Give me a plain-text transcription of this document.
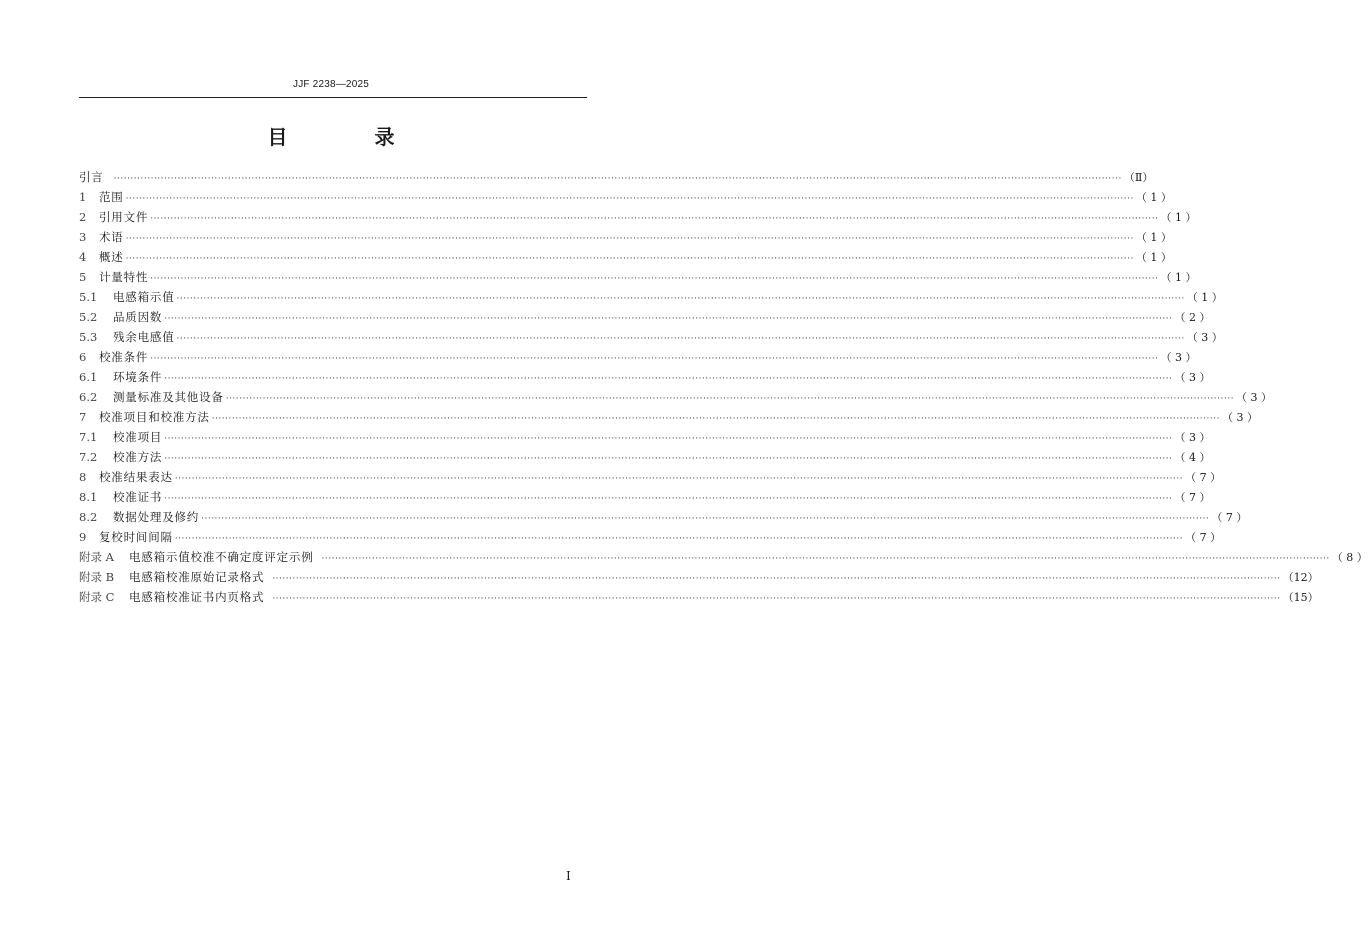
JJF 2238—2025
目 录
引言	············································································································································································································································································································ （Ⅱ）
1	范围 ············································································································································································································································································································ （ 1 ）
2	引用文件 ············································································································································································································································································································ （ 1 ）
3	术语 ············································································································································································································································································································ （ 1 ）
4	概述 ············································································································································································································································································································ （ 1 ）
5	计量特性 ············································································································································································································································································································ （ 1 ）
5.1	电感箱示值 ············································································································································································································································································································ （ 1 ）
5.2	品质因数 ············································································································································································································································································································ （ 2 ）
5.3	残余电感值 ············································································································································································································································································································ （ 3 ）
6	校准条件 ············································································································································································································································································································ （ 3 ）
6.1	环境条件 ············································································································································································································································································································ （ 3 ）
6.2	测量标准及其他设备 ············································································································································································································································································································ （ 3 ）
7	校准项目和校准方法 ············································································································································································································································································································ （ 3 ）
7.1	校准项目 ············································································································································································································································································································ （ 3 ）
7.2	校准方法 ············································································································································································································································································································ （ 4 ）
8	校准结果表达 ············································································································································································································································································································ （ 7 ）
8.1	校准证书 ············································································································································································································································································································ （ 7 ）
8.2	数据处理及修约 ············································································································································································································································································································ （ 7 ）
9	复校时间间隔 ············································································································································································································································································································ （ 7 ）
附录 A	电感箱示值校准不确定度评定示例 ············································································································································································································································································································ （ 8 ）
附录 B	电感箱校准原始记录格式 ············································································································································································································································································································ （12）
附录 C	电感箱校准证书内页格式 ············································································································································································································································································································ （15）
I
